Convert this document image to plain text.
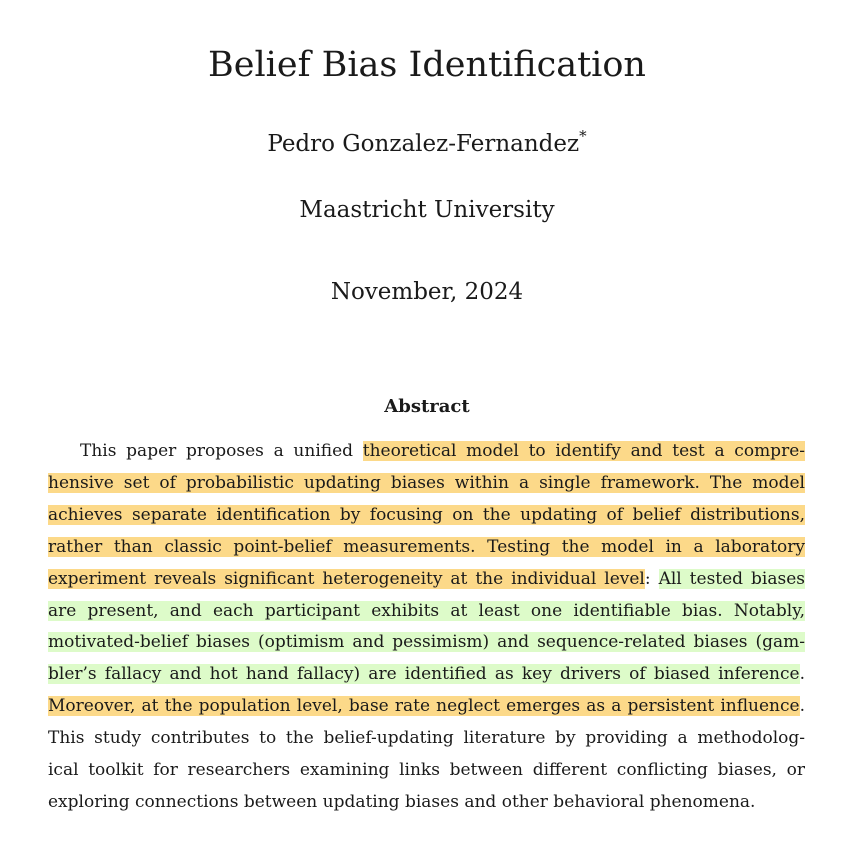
Belief Bias Identification
Pedro Gonzalez-Fernandez*
Maastricht University
November, 2024
Abstract
This paper proposes a unified theoretical model to identify and test a compre-
hensive set of probabilistic updating biases within a single framework. The model
achieves separate identification by focusing on the updating of belief distributions,
rather than classic point-belief measurements. Testing the model in a laboratory
experiment reveals significant heterogeneity at the individual level: All tested biases
are present, and each participant exhibits at least one identifiable bias. Notably,
motivated-belief biases (optimism and pessimism) and sequence-related biases (gam-
bler’s fallacy and hot hand fallacy) are identified as key drivers of biased inference.
Moreover, at the population level, base rate neglect emerges as a persistent influence.
This study contributes to the belief-updating literature by providing a methodolog-
ical toolkit for researchers examining links between different conflicting biases, or
exploring connections between updating biases and other behavioral phenomena.
